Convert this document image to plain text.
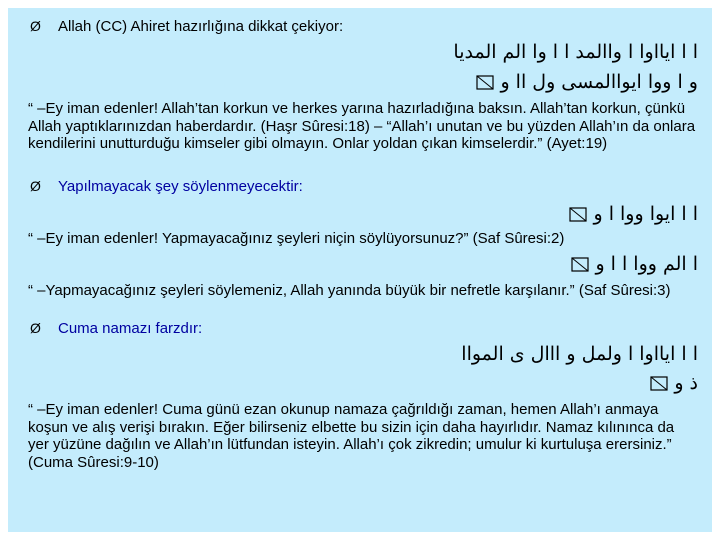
Ø Allah (CC) Ahiret hazırlığına dikkat çekiyor:
ا ا ايااوا ا واالمد ا ا وا الم المديا
و ا ووا ايواالمسى ول اا و
“ –Ey iman edenler! Allah’tan korkun ve herkes yarına hazırladığına baksın. Allah’tan korkun, çünkü Allah yaptıklarınızdan haberdardır. (Haşr Sûresi:18) – “Allah’ı unutan ve bu yüzden Allah’ın da onlara kendilerini unutturduğu kimseler gibi olmayın. Onlar yoldan çıkan kimselerdir.” (Ayet:19)
Ø Yapılmayacak şey söylenmeyecektir:
ا ا ايوا ووا ا و
“ –Ey iman edenler! Yapmayacağınız şeyleri niçin söylüyorsunuz?” (Saf Sûresi:2)
ا الم ووا ا ا و
“ –Yapmayacağınız şeyleri söylemeniz, Allah yanında büyük bir nefretle karşılanır.” (Saf Sûresi:3)
Ø Cuma namazı farzdır:
ا ا ايااوا ا ولمل و ااال ى المواا
ذ و
“ –Ey iman edenler! Cuma günü ezan okunup namaza çağrıldığı zaman, hemen Allah’ı anmaya koşun ve alış verişi bırakın. Eğer bilirseniz elbette bu sizin için daha hayırlıdır. Namaz kılınınca da yer yüzüne dağılın ve Allah’ın lütfundan isteyin. Allah’ı çok zikredin; umulur ki kurtuluşa erersiniz.” (Cuma Sûresi:9-10)
